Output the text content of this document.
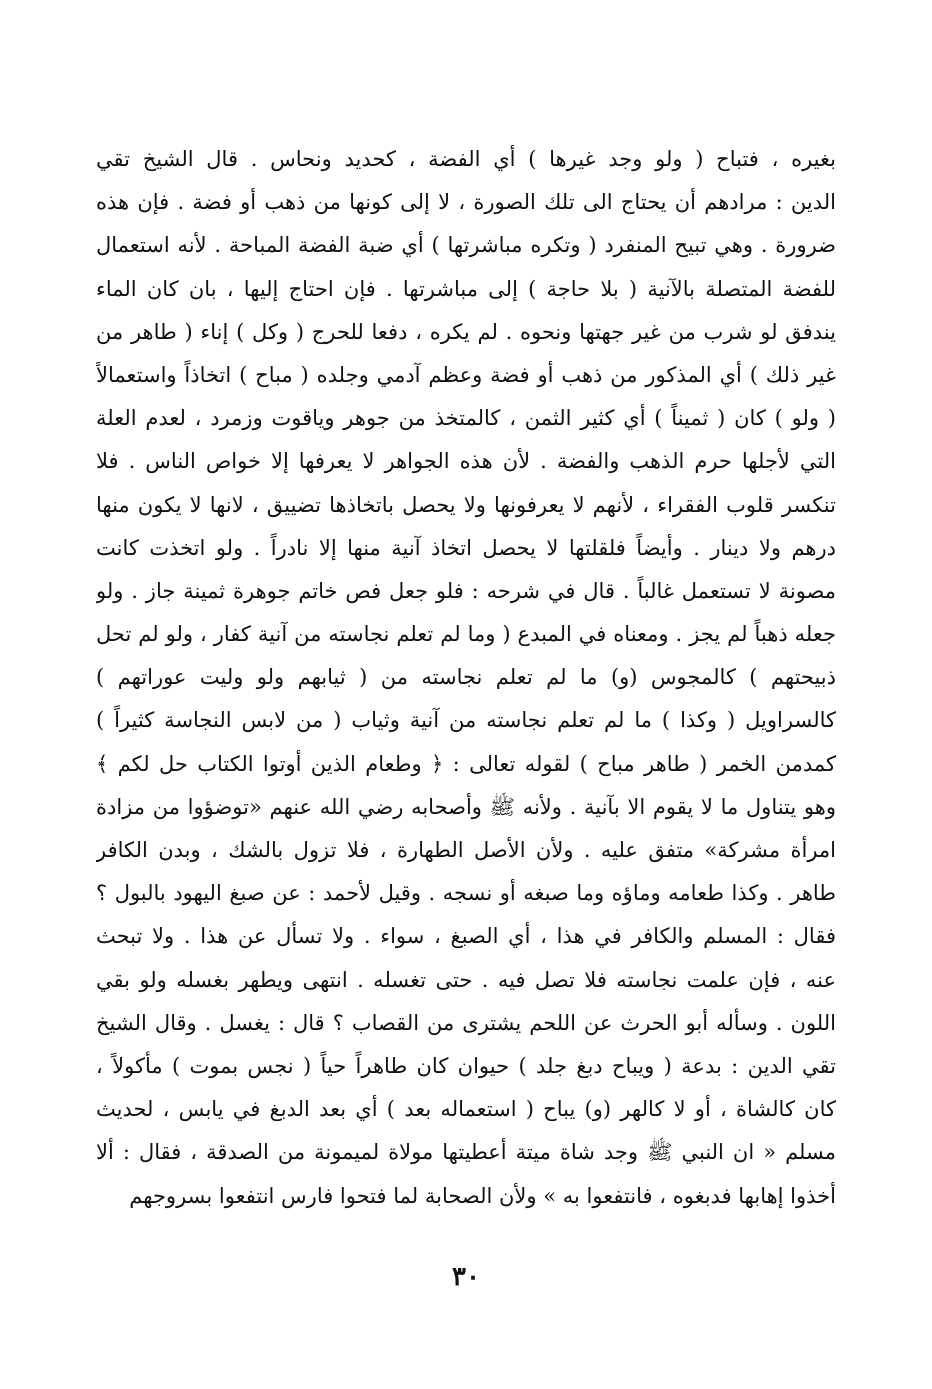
بغيره ، فتباح ( ولو وجد غيرها ) أي الفضة ، كحديد ونحاس . قال الشيخ تقي
الدين : مرادهم أن يحتاج الى تلك الصورة ، لا إلى كونها من ذهب أو فضة . فإن هذه
ضرورة . وهي تبيح المنفرد ( وتكره مباشرتها ) أي ضبة الفضة المباحة . لأنه استعمال
للفضة المتصلة بالآنية ( بلا حاجة ) إلى مباشرتها . فإن احتاج إليها ، بان كان الماء
يندفق لو شرب من غير جهتها ونحوه . لم يكره ، دفعا للحرج ( وكل ) إناء ( طاهر من
غير ذلك ) أي المذكور من ذهب أو فضة وعظم آدمي وجلده ( مباح ) اتخاذاً واستعمالاً
( ولو ) كان ( ثميناً ) أي كثير الثمن ، كالمتخذ من جوهر وياقوت وزمرد ، لعدم العلة
التي لأجلها حرم الذهب والفضة . لأن هذه الجواهر لا يعرفها إلا خواص الناس . فلا
تنكسر قلوب الفقراء ، لأنهم لا يعرفونها ولا يحصل باتخاذها تضييق ، لانها لا يكون منها
درهم ولا دينار . وأيضاً فلقلتها لا يحصل اتخاذ آنية منها إلا نادراً . ولو اتخذت كانت
مصونة لا تستعمل غالباً . قال في شرحه : فلو جعل فص خاتم جوهرة ثمينة جاز . ولو
جعله ذهباً لم يجز . ومعناه في المبدع ( وما لم تعلم نجاسته من آنية كفار ، ولو لم تحل
ذبيحتهم ) كالمجوس (و) ما لم تعلم نجاسته من ( ثيابهم ولو وليت عوراتهم )
كالسراويل ( وكذا ) ما لم تعلم نجاسته من آنية وثياب ( من لابس النجاسة كثيراً )
كمدمن الخمر ( طاهر مباح ) لقوله تعالى : ﴿ وطعام الذين أوتوا الكتاب حل لكم ﴾
وهو يتناول ما لا يقوم الا بآنية . ولأنه ﷺ وأصحابه رضي الله عنهم «توضؤوا من مزادة
امرأة مشركة» متفق عليه . ولأن الأصل الطهارة ، فلا تزول بالشك ، وبدن الكافر
طاهر . وكذا طعامه وماؤه وما صبغه أو نسجه . وقيل لأحمد : عن صبغ اليهود بالبول ؟
فقال : المسلم والكافر في هذا ، أي الصبغ ، سواء . ولا تسأل عن هذا . ولا تبحث
عنه ، فإن علمت نجاسته فلا تصل فيه . حتى تغسله . انتهى ويطهر بغسله ولو بقي
اللون . وسأله أبو الحرث عن اللحم يشترى من القصاب ؟ قال : يغسل . وقال الشيخ
تقي الدين : بدعة ( ويباح دبغ جلد ) حيوان كان طاهراً حياً ( نجس بموت ) مأكولاً ،
كان كالشاة ، أو لا كالهر (و) يباح ( استعماله بعد ) أي بعد الدبغ في يابس ، لحديث
مسلم « ان النبي ﷺ وجد شاة ميتة أعطيتها مولاة لميمونة من الصدقة ، فقال : ألا
أخذوا إهابها فدبغوه ، فانتفعوا به » ولأن الصحابة لما فتحوا فارس انتفعوا بسروجهم
٣٠
